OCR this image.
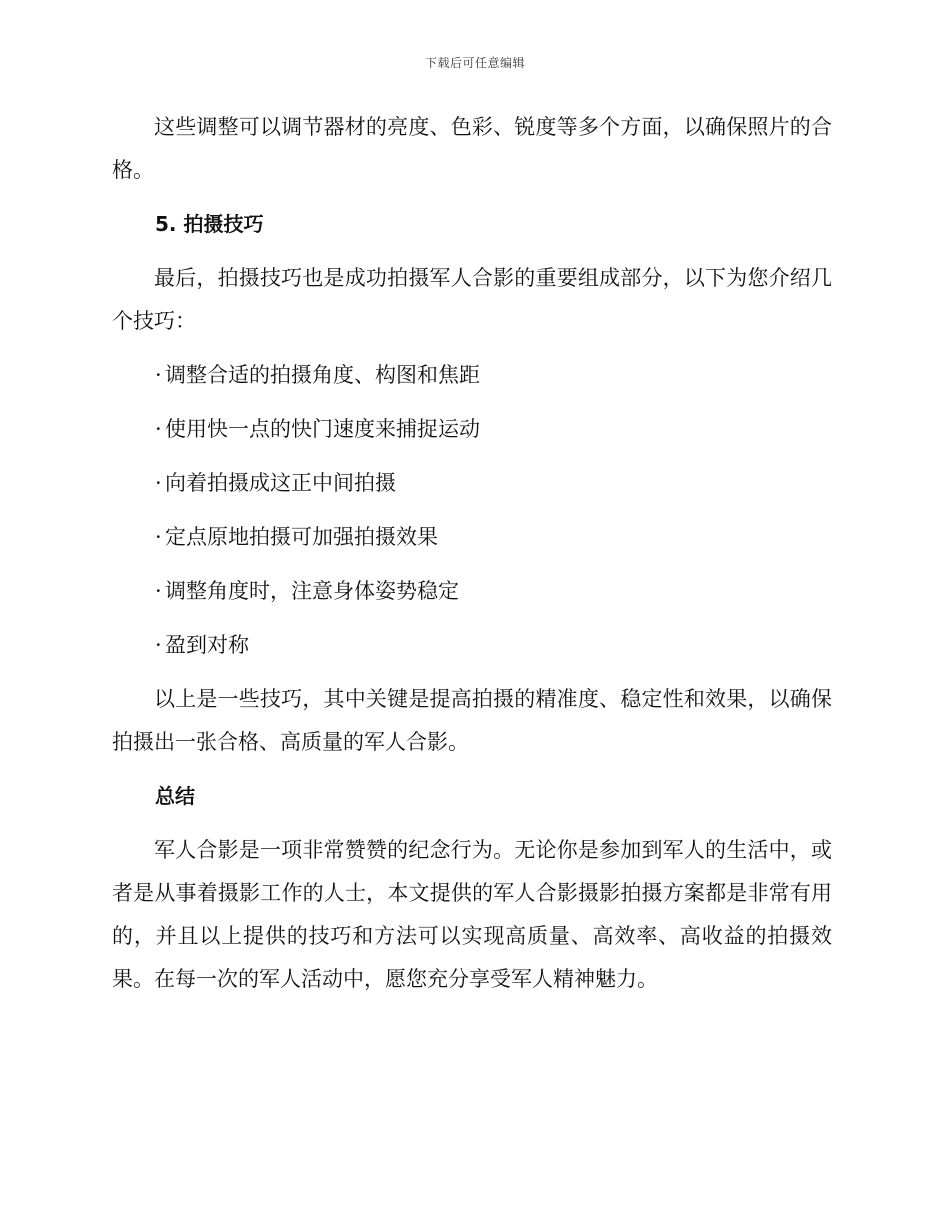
下载后可任意编辑

这些调整可以调节器材的亮度、色彩、锐度等多个方面，以确保照片的合格。

5. 拍摄技巧

最后，拍摄技巧也是成功拍摄军人合影的重要组成部分，以下为您介绍几个技巧：

· 调整合适的拍摄角度、构图和焦距
· 使用快一点的快门速度来捕捉运动
· 向着拍摄成这正中间拍摄
· 定点原地拍摄可加强拍摄效果
· 调整角度时，注意身体姿势稳定
· 盈到对称

以上是一些技巧，其中关键是提高拍摄的精准度、稳定性和效果，以确保拍摄出一张合格、高质量的军人合影。

总结

军人合影是一项非常赞赞的纪念行为。无论你是参加到军人的生活中，或者是从事着摄影工作的人士，本文提供的军人合影摄影拍摄方案都是非常有用的，并且以上提供的技巧和方法可以实现高质量、高效率、高收益的拍摄效果。在每一次的军人活动中，愿您充分享受军人精神魅力。
